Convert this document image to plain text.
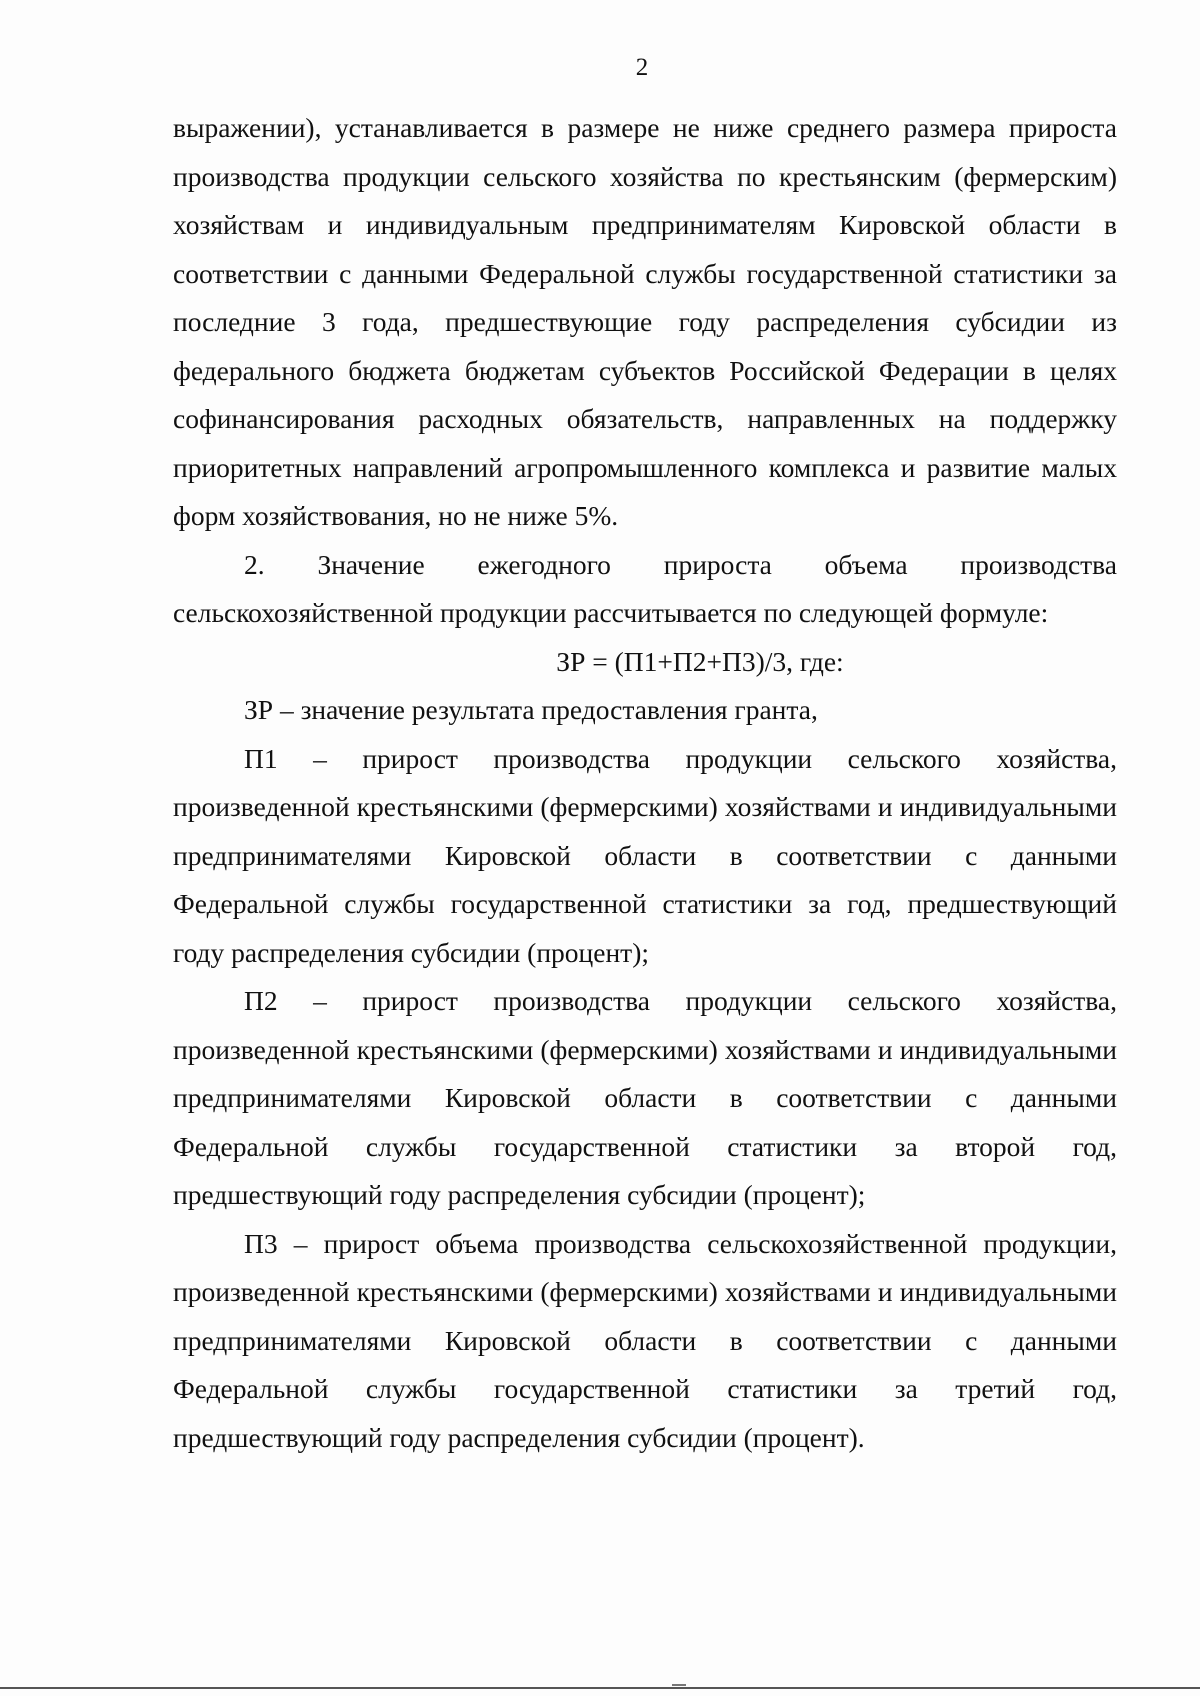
2

выражении), устанавливается в размере не ниже среднего размера прироста производства продукции сельского хозяйства по крестьянским (фермерским) хозяйствам и индивидуальным предпринимателям Кировской области в соответствии с данными Федеральной службы государственной статистики за последние 3 года, предшествующие году распределения субсидии из федерального бюджета бюджетам субъектов Российской Федерации в целях софинансирования расходных обязательств, направленных на поддержку приоритетных направлений агропромышленного комплекса и развитие малых форм хозяйствования, но не ниже 5%.

2. Значение ежегодного прироста объема производства сельскохозяйственной продукции рассчитывается по следующей формуле:

ЗР = (П1+П2+П3)/3, где:

ЗР – значение результата предоставления гранта,

П1 – прирост производства продукции сельского хозяйства, произведенной крестьянскими (фермерскими) хозяйствами и индивидуальными предпринимателями Кировской области в соответствии с данными Федеральной службы государственной статистики за год, предшествующий году распределения субсидии (процент);

П2 – прирост производства продукции сельского хозяйства, произведенной крестьянскими (фермерскими) хозяйствами и индивидуальными предпринимателями Кировской области в соответствии с данными Федеральной службы государственной статистики за второй год, предшествующий году распределения субсидии (процент);

П3 – прирост объема производства сельскохозяйственной продукции, произведенной крестьянскими (фермерскими) хозяйствами и индивидуальными предпринимателями Кировской области в соответствии с данными Федеральной службы государственной статистики за третий год, предшествующий году распределения субсидии (процент).
